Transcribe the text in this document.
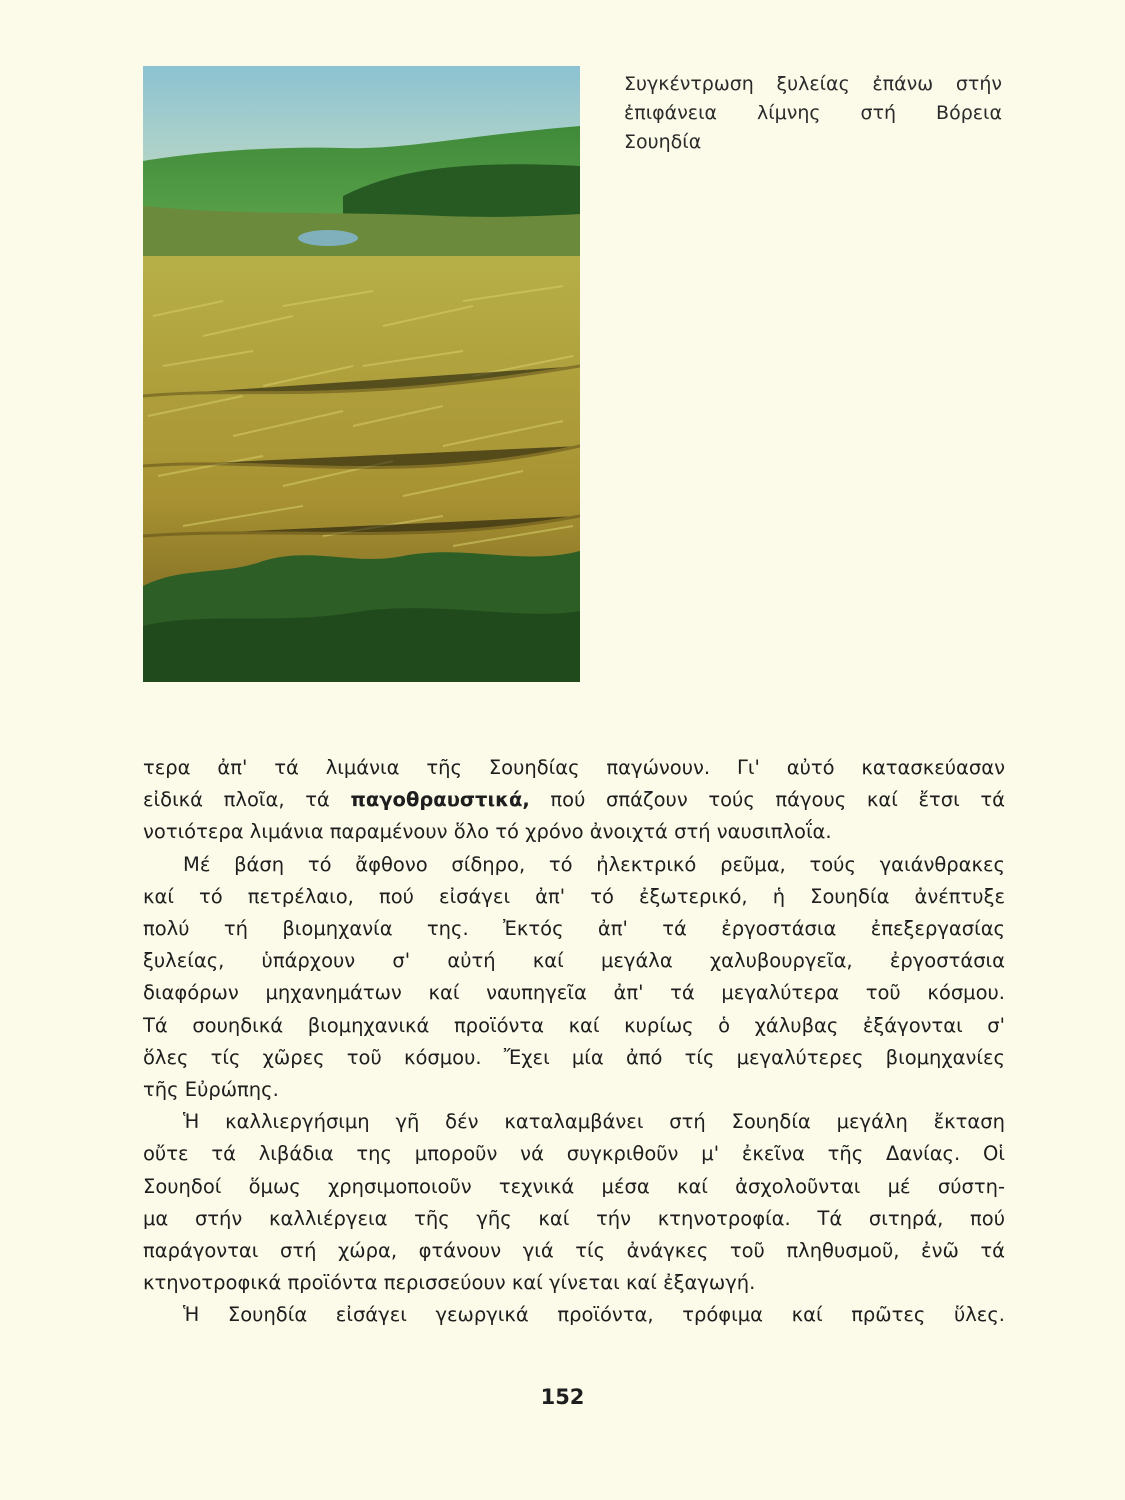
Συγκέντρωση ξυλείας ἐπάνω στήν
ἐπιφάνεια λίμνης στή Βόρεια
Σουηδία
τερα ἀπ' τά λιμάνια τῆς Σουηδίας παγώνουν. Γι' αὐτό κατασκεύασαν
εἰδικά πλοῖα, τά παγοθραυστικά, πού σπάζουν τούς πάγους καί ἔτσι τά
νοτιότερα λιμάνια παραμένουν ὅλο τό χρόνο ἀνοιχτά στή ναυσιπλοΐα.
Μέ βάση τό ἄφθονο σίδηρο, τό ἠλεκτρικό ρεῦμα, τούς γαιάνθρακες
καί τό πετρέλαιο, πού εἰσάγει ἀπ' τό ἐξωτερικό, ἡ Σουηδία ἀνέπτυξε
πολύ τή βιομηχανία της. Ἐκτός ἀπ' τά ἐργοστάσια ἐπεξεργασίας
ξυλείας, ὑπάρχουν σ' αὐτή καί μεγάλα χαλυβουργεῖα, ἐργοστάσια
διαφόρων μηχανημάτων καί ναυπηγεῖα ἀπ' τά μεγαλύτερα τοῦ κόσμου.
Τά σουηδικά βιομηχανικά προϊόντα καί κυρίως ὁ χάλυβας ἐξάγονται σ'
ὅλες τίς χῶρες τοῦ κόσμου. Ἔχει μία ἀπό τίς μεγαλύτερες βιομηχανίες
τῆς Εὐρώπης.
Ἡ καλλιεργήσιμη γῆ δέν καταλαμβάνει στή Σουηδία μεγάλη ἔκταση
οὔτε τά λιβάδια της μποροῦν νά συγκριθοῦν μ' ἐκεῖνα τῆς Δανίας. Οἱ
Σουηδοί ὅμως χρησιμοποιοῦν τεχνικά μέσα καί ἀσχολοῦνται μέ σύστη-
μα στήν καλλιέργεια τῆς γῆς καί τήν κτηνοτροφία. Τά σιτηρά, πού
παράγονται στή χώρα, φτάνουν γιά τίς ἀνάγκες τοῦ πληθυσμοῦ, ἐνῶ τά
κτηνοτροφικά προϊόντα περισσεύουν καί γίνεται καί ἐξαγωγή.
Ἡ Σουηδία εἰσάγει γεωργικά προϊόντα, τρόφιμα καί πρῶτες ὕλες.
152
